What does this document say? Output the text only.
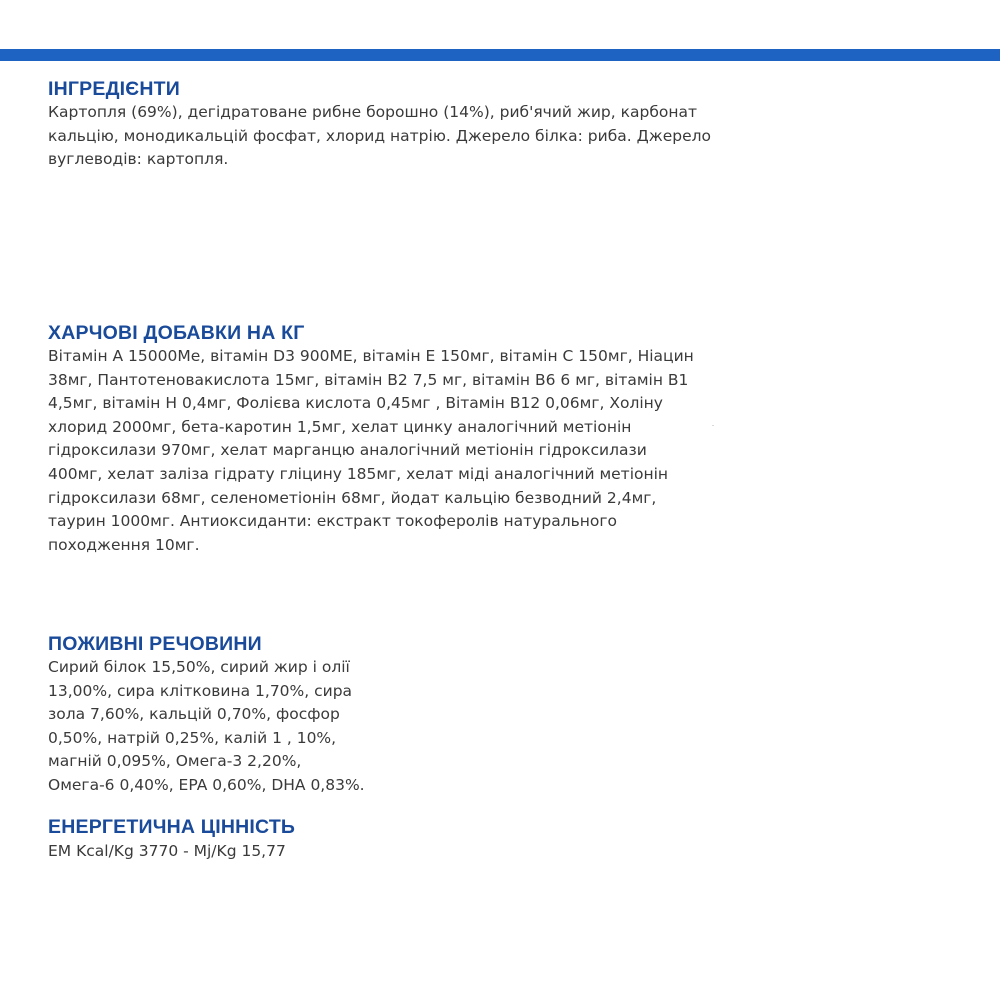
ІНГРЕДІЄНТИ

Картопля (69%), дегідратоване рибне борошно (14%), риб'ячий жир, карбонат
кальцію, монодикальцій фосфат, хлорид натрію. Джерело білка: риба. Джерело
вуглеводів: картопля.

ХАРЧОВІ ДОБАВКИ НА КГ

Вітамін А 15000Ме, вітамін D3 900МЕ, вітамін Е 150мг, вітамін С 150мг, Ніацин
38мг, Пантотеновакислота 15мг, вітамін В2 7,5 мг, вітамін В6 6 мг, вітамін В1
4,5мг, вітамін Н 0,4мг, Фолієва кислота 0,45мг , Вітамін В12 0,06мг, Холіну
хлорид 2000мг, бета-каротин 1,5мг, хелат цинку аналогічний метіонін
гідроксилази 970мг, хелат марганцю аналогічний метіонін гідроксилази
400мг, хелат заліза гідрату гліцину 185мг, хелат міді аналогічний метіонін
гідроксилази 68мг, селенометіонін 68мг, йодат кальцію безводний 2,4мг,
таурин 1000мг. Антиоксиданти: екстракт токоферолів натурального
походження 10мг.

ПОЖИВНІ РЕЧОВИНИ

Сирий білок 15,50%, сирий жир і олії
13,00%, сира клітковина 1,70%, сира
зола 7,60%, кальцій 0,70%, фосфор
0,50%, натрій 0,25%, калій 1 , 10%,
магній 0,095%, Омега-3 2,20%,
Омега-6 0,40%, EPA 0,60%, DHA 0,83%.

ЕНЕРГЕТИЧНА ЦІННІСТЬ

EM Kcal/Kg 3770 - Mj/Kg 15,77
